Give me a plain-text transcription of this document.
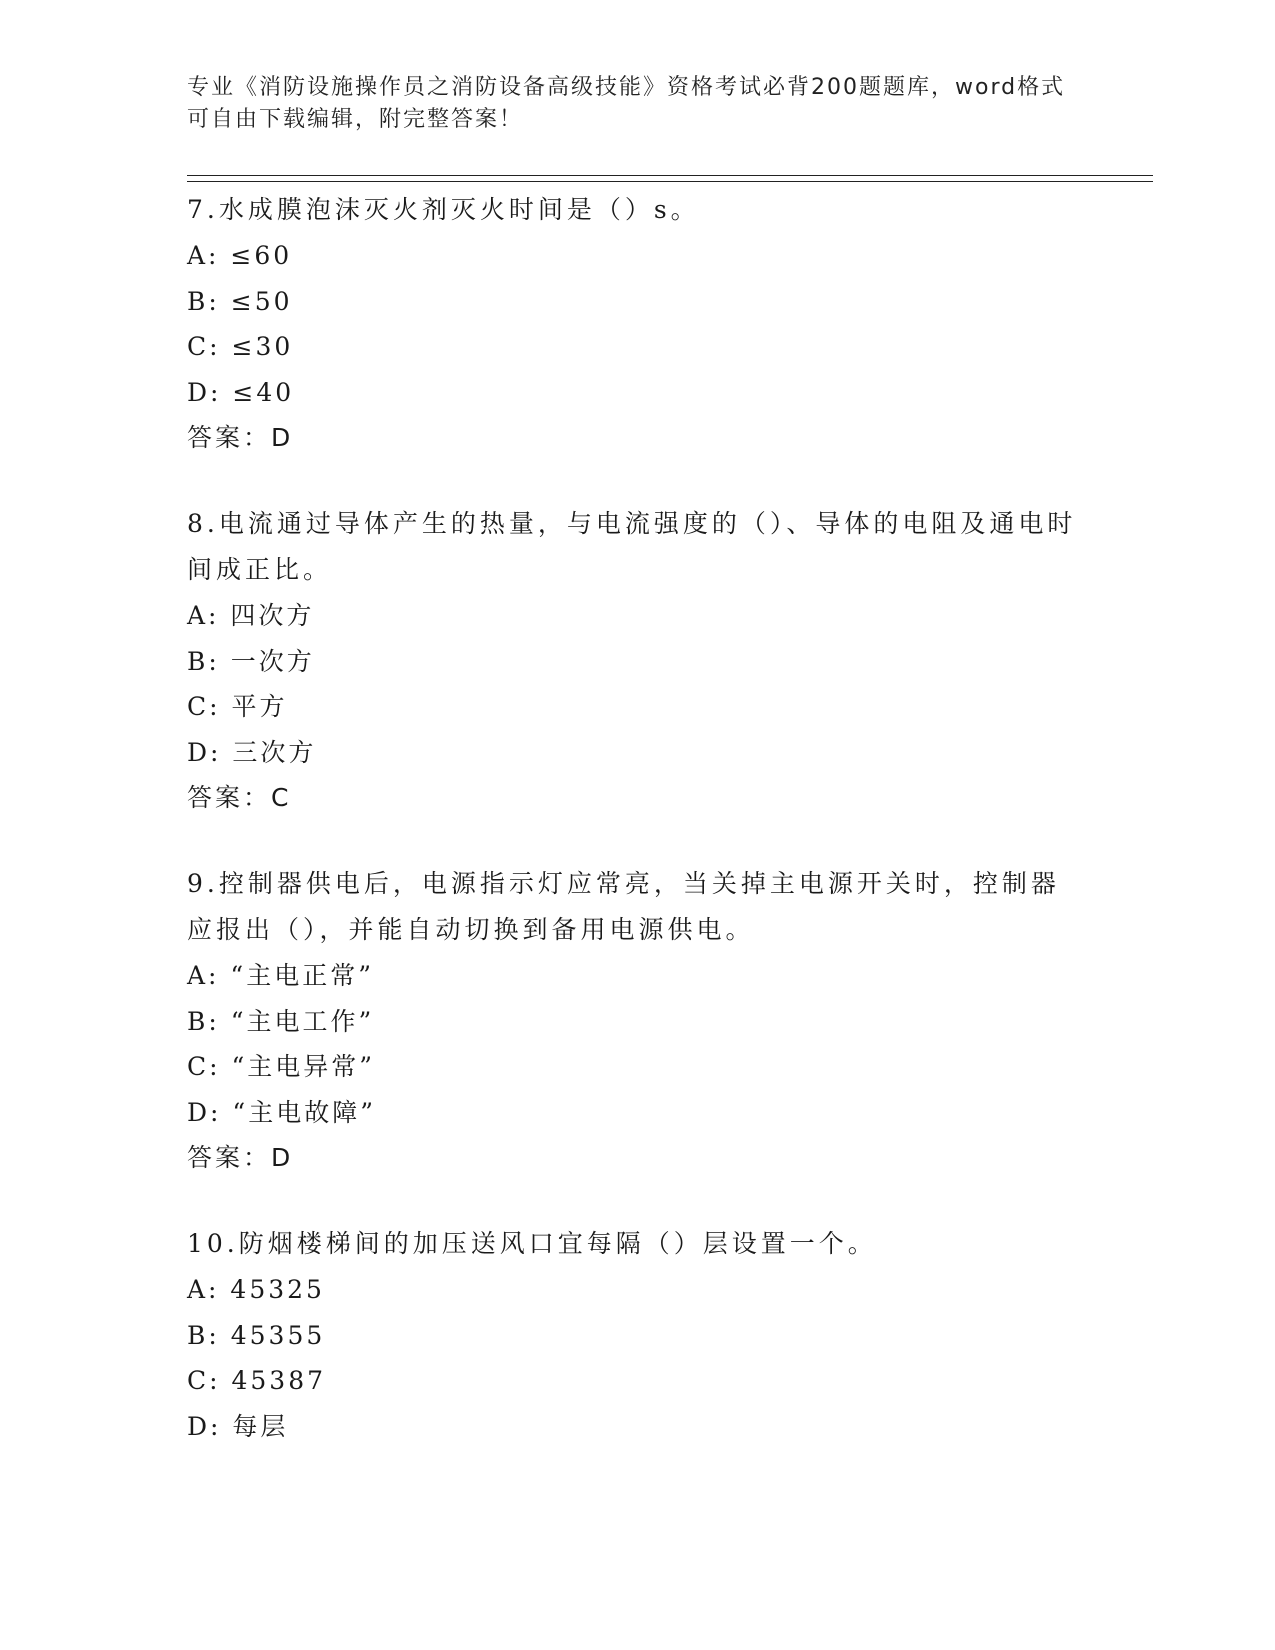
专业《消防设施操作员之消防设备高级技能》资格考试必背200题题库，word格式可自由下载编辑，附完整答案！
7.水成膜泡沫灭火剂灭火时间是（）s。
A: ≤60
B: ≤50
C: ≤30
D: ≤40
答案：D
8.电流通过导体产生的热量，与电流强度的（）、导体的电阻及通电时间成正比。
A: 四次方
B: 一次方
C: 平方
D: 三次方
答案：C
9.控制器供电后，电源指示灯应常亮，当关掉主电源开关时，控制器应报出（），并能自动切换到备用电源供电。
A: “主电正常”
B: “主电工作”
C: “主电异常”
D: “主电故障”
答案：D
10.防烟楼梯间的加压送风口宜每隔（）层设置一个。
A: 45325
B: 45355
C: 45387
D: 每层
